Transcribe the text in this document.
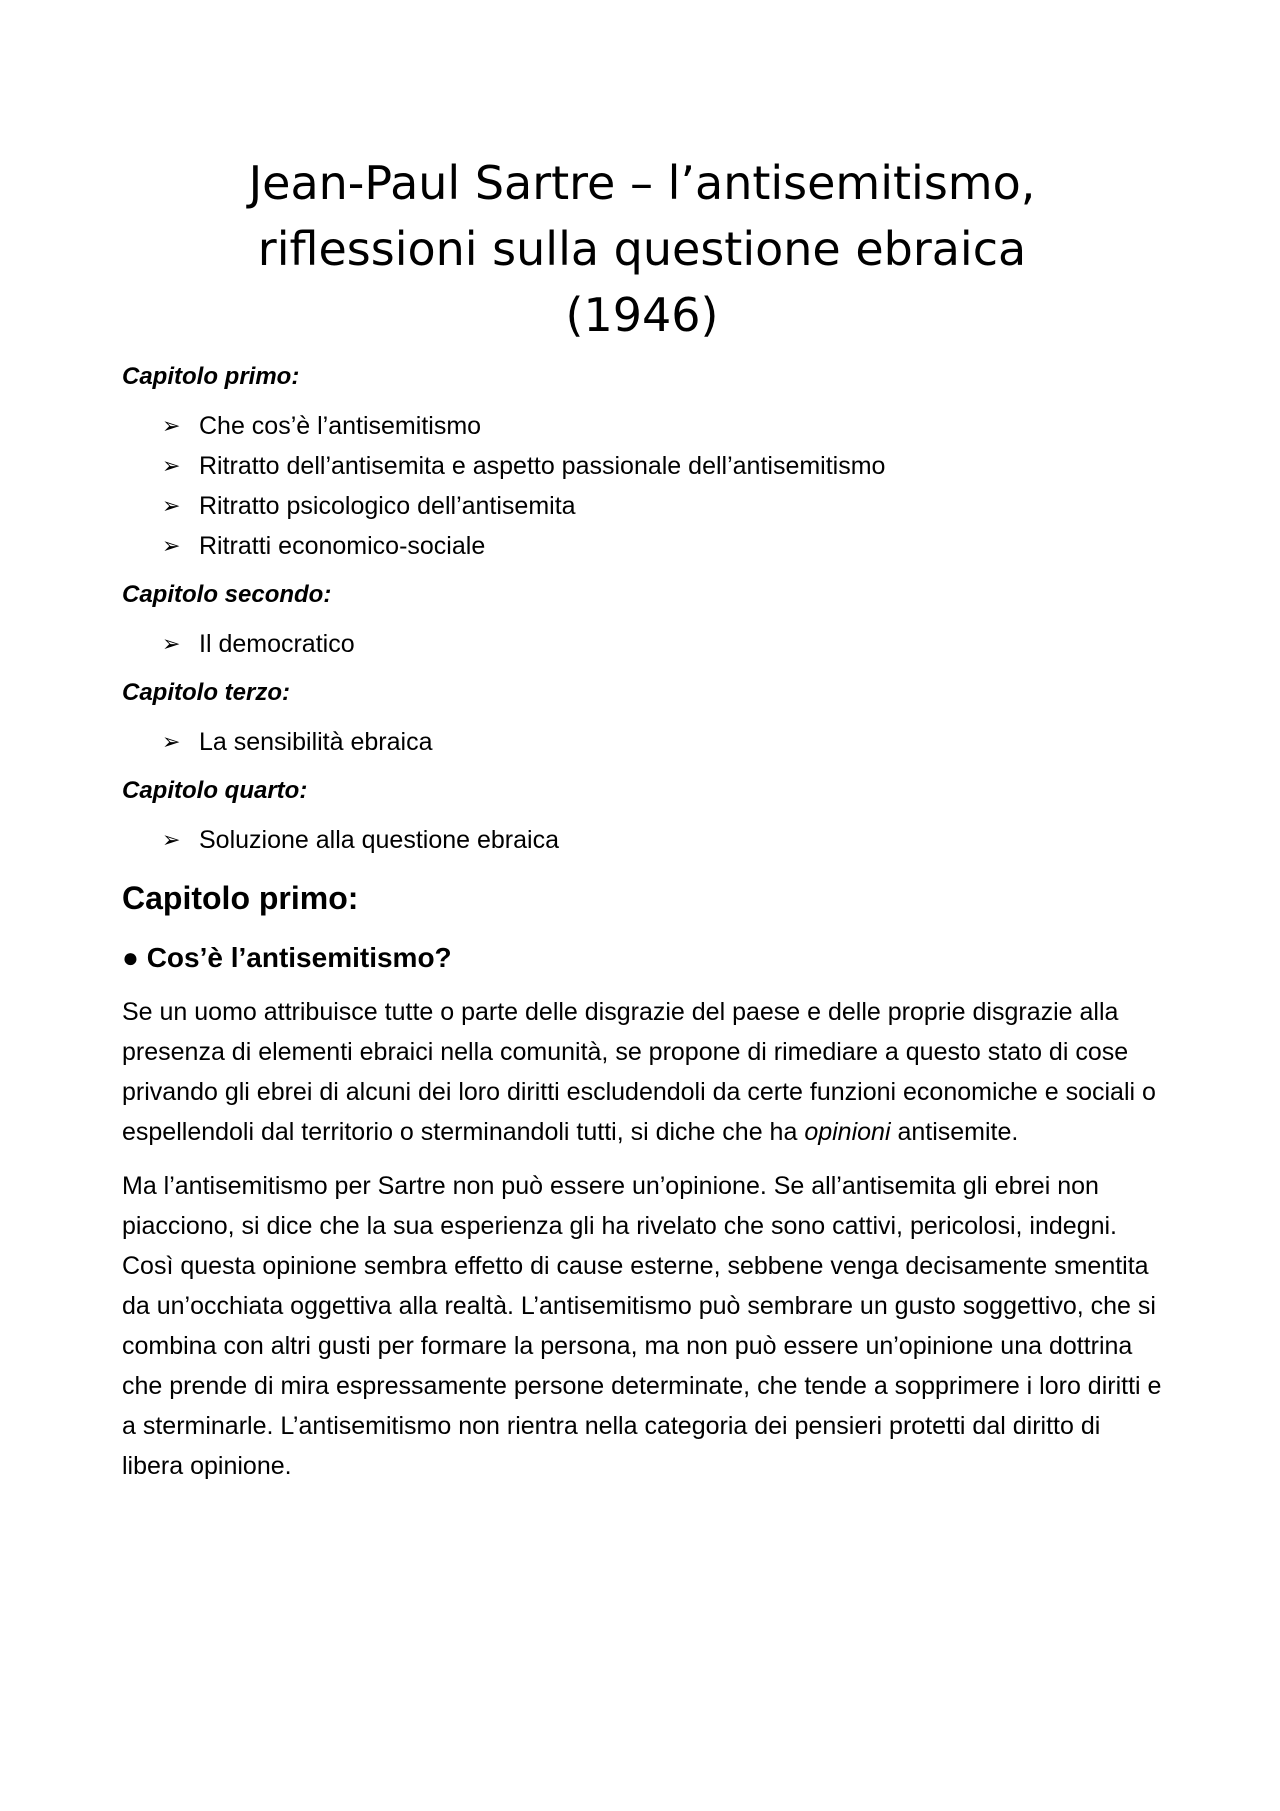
Jean-Paul Sartre – l’antisemitismo,
riflessioni sulla questione ebraica
(1946)
Capitolo primo:
➢ Che cos’è l’antisemitismo
➢ Ritratto dell’antisemita e aspetto passionale dell’antisemitismo
➢ Ritratto psicologico dell’antisemita
➢ Ritratti economico-sociale
Capitolo secondo:
➢ Il democratico
Capitolo terzo:
➢ La sensibilità ebraica
Capitolo quarto:
➢ Soluzione alla questione ebraica
Capitolo primo:
● Cos’è l’antisemitismo?

Se un uomo attribuisce tutte o parte delle disgrazie del paese e delle proprie disgrazie alla presenza di elementi ebraici nella comunità, se propone di rimediare a questo stato di cose privando gli ebrei di alcuni dei loro diritti escludendoli da certe funzioni economiche e sociali o espellendoli dal territorio o sterminandoli tutti, si diche che ha opinioni antisemite.

Ma l’antisemitismo per Sartre non può essere un’opinione. Se all’antisemita gli ebrei non piacciono, si dice che la sua esperienza gli ha rivelato che sono cattivi, pericolosi, indegni. Così questa opinione sembra effetto di cause esterne, sebbene venga decisamente smentita da un’occhiata oggettiva alla realtà. L’antisemitismo può sembrare un gusto soggettivo, che si combina con altri gusti per formare la persona, ma non può essere un’opinione una dottrina che prende di mira espressamente persone determinate, che tende a sopprimere i loro diritti e a sterminarle. L’antisemitismo non rientra nella categoria dei pensieri protetti dal diritto di libera opinione.
